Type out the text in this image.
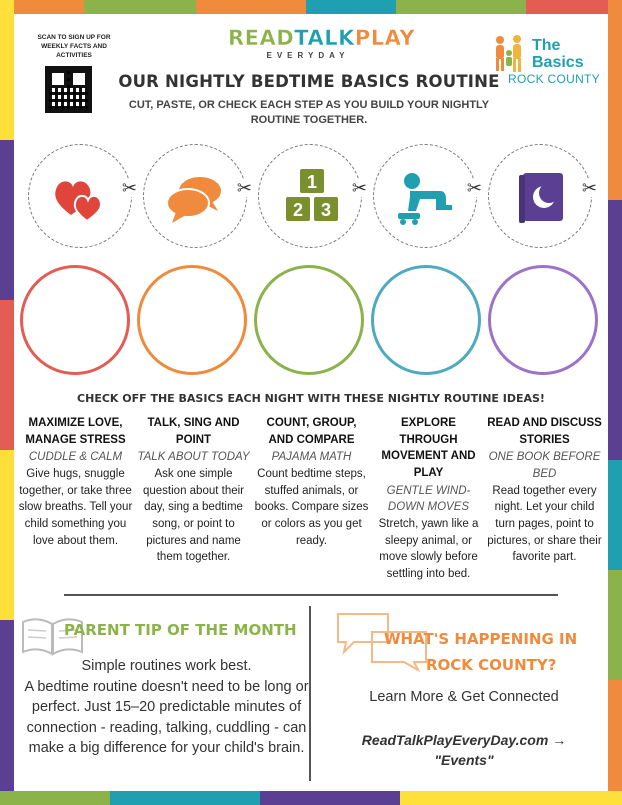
SCAN TO SIGN UP FOR WEEKLY FACTS AND ACTIVITIES
READTALKPLAY
EVERYDAY
The
Basics
ROCK COUNTY
OUR NIGHTLY BEDTIME BASICS ROUTINE
CUT, PASTE, OR CHECK EACH STEP AS YOU BUILD YOUR NIGHTLY ROUTINE TOGETHER.
✂	✂	1
2 3
✂	✂	✂
CHECK OFF THE BASICS EACH NIGHT WITH THESE NIGHTLY ROUTINE IDEAS!
MAXIMIZE LOVE, MANAGE STRESS
CUDDLE & CALM
Give hugs, snuggle together, or take three slow breaths. Tell your child something you love about them.
TALK, SING AND POINT
TALK ABOUT TODAY
Ask one simple question about their day, sing a bedtime song, or point to pictures and name them together.
COUNT, GROUP, AND COMPARE
PAJAMA MATH
Count bedtime steps, stuffed animals, or books. Compare sizes or colors as you get ready.
EXPLORE THROUGH MOVEMENT AND PLAY
GENTLE WIND-DOWN MOVES
Stretch, yawn like a sleepy animal, or move slowly before settling into bed.
READ AND DISCUSS STORIES
ONE BOOK BEFORE BED
Read together every night. Let your child turn pages, point to pictures, or share their favorite part.
PARENT TIP OF THE MONTH
Simple routines work best.
A bedtime routine doesn't need to be long or perfect. Just 15–20 predictable minutes of connection - reading, talking, cuddling - can make a big difference for your child's brain.
WHAT'S HAPPENING IN
ROCK COUNTY?
Learn More & Get Connected
ReadTalkPlayEveryDay.com →
"Events"
